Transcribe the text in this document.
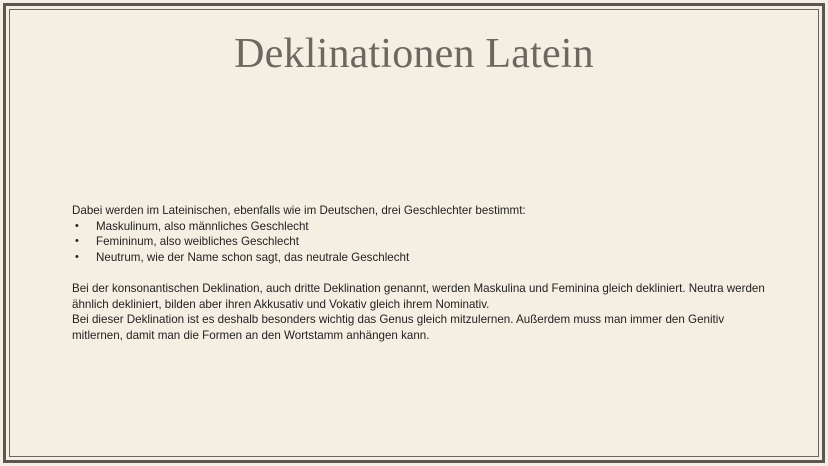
Deklinationen Latein

Dabei werden im Lateinischen, ebenfalls wie im Deutschen, drei Geschlechter bestimmt:

• Maskulinum, also männliches Geschlecht
• Femininum, also weibliches Geschlecht
• Neutrum, wie der Name schon sagt, das neutrale Geschlecht

Bei der konsonantischen Deklination, auch dritte Deklination genannt, werden Maskulina und Feminina gleich dekliniert. Neutra werden ähnlich dekliniert, bilden aber ihren Akkusativ und Vokativ gleich ihrem Nominativ.

Bei dieser Deklination ist es deshalb besonders wichtig das Genus gleich mitzulernen. Außerdem muss man immer den Genitiv mitlernen, damit man die Formen an den Wortstamm anhängen kann.
